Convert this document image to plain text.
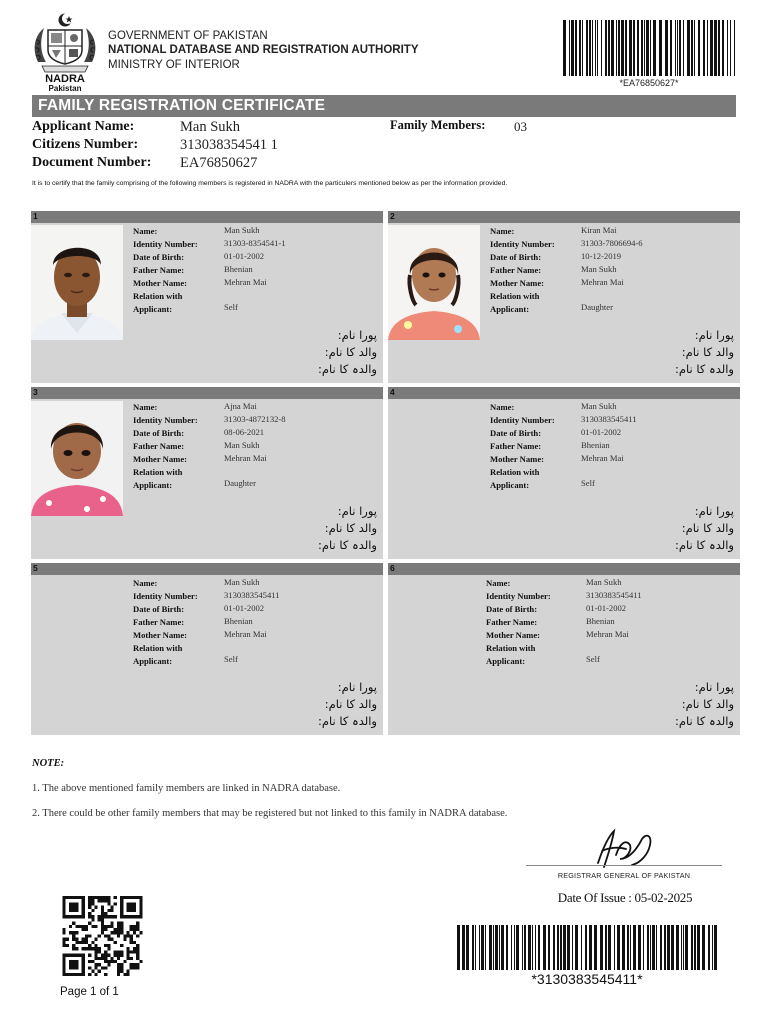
NADRA
Pakistan
GOVERNMENT OF PAKISTAN
NATIONAL DATABASE AND REGISTRATION AUTHORITY
MINISTRY OF INTERIOR
*EA76850627*
FAMILY REGISTRATION CERTIFICATE
Applicant Name:	Man Sukh
Citizens Number:	313038354541 1
Document Number: EA76850627
Family Members: 03
It is to certify that the family comprising of the following members is registered in NADRA with the particulers mentioned below as per the information provided.
1
Name:	Man Sukh
Identity Number:	31303-8354541-1
Date of Birth:	01-01-2002
Father Name:	Bhenian
Mother Name:	Mehran Mai
Relation with
Applicant:	Self
پورا نام:
والد کا نام:
والدہ کا نام:
2
Name:	Kiran Mai
Identity Number:	31303-7806694-6
Date of Birth:	10-12-2019
Father Name:	Man Sukh
Mother Name:	Mehran Mai
Relation with
Applicant:	Daughter
پورا نام:
والد کا نام:
والدہ کا نام:
3
Name:	Ajna Mai
Identity Number:	31303-4872132-8
Date of Birth:	08-06-2021
Father Name:	Man Sukh
Mother Name:	Mehran Mai
Relation with
Applicant:	Daughter
پورا نام:
والد کا نام:
والدہ کا نام:
4
Name:	Man Sukh
Identity Number:	3130383545411
Date of Birth:	01-01-2002
Father Name:	Bhenian
Mother Name:	Mehran Mai
Relation with
Applicant:	Self
پورا نام:
والد کا نام:
والدہ کا نام:
5
Name:	Man Sukh
Identity Number:	3130383545411
Date of Birth:	01-01-2002
Father Name:	Bhenian
Mother Name:	Mehran Mai
Relation with
Applicant:	Self
پورا نام:
والد کا نام:
والدہ کا نام:
6
Name:	Man Sukh
Identity Number:	3130383545411
Date of Birth:	01-01-2002
Father Name:	Bhenian
Mother Name:	Mehran Mai
Relation with
Applicant:	Self
پورا نام:
والد کا نام:
والدہ کا نام:
NOTE:
1. The above mentioned family members are linked in NADRA database.
2. There could be other family members that may be registered but not linked to this family in NADRA database.
REGISTRAR GENERAL OF PAKISTAN
Date Of Issue : 05-02-2025
Page 1 of 1
*3130383545411*
